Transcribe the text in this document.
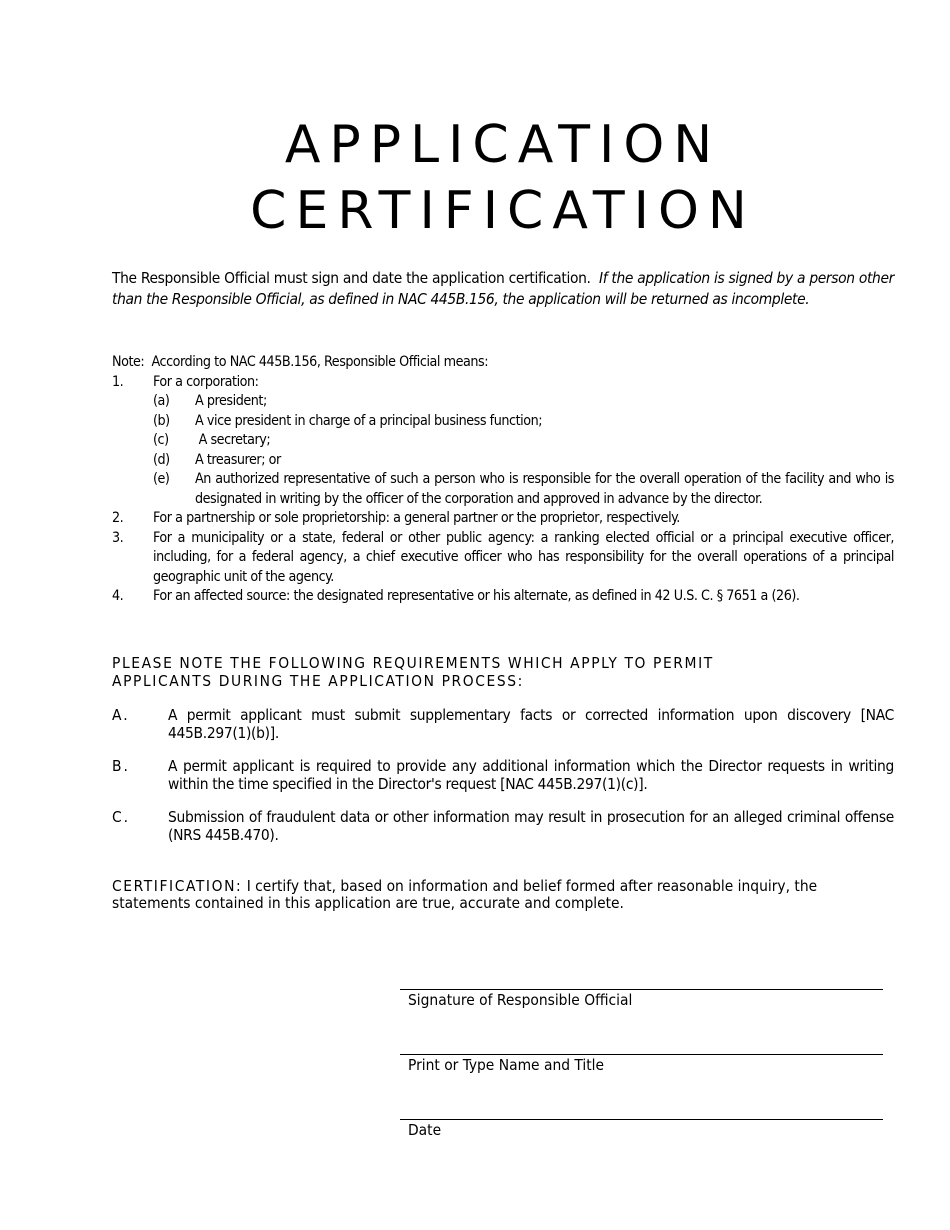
APPLICATION
CERTIFICATION
The Responsible Official must sign and date the application certification. If the application is signed by a person other than the Responsible Official, as defined in NAC 445B.156, the application will be returned as incomplete.
Note:  According to NAC 445B.156, Responsible Official means:
1.	For a corporation:
(a)	A president;
(b)	A vice president in charge of a principal business function;
(c)	A secretary;
(d)	A treasurer; or
(e)	An authorized representative of such a person who is responsible for the overall operation of the facility and who is designated in writing by the officer of the corporation and approved in advance by the director.
2.	For a partnership or sole proprietorship: a general partner or the proprietor, respectively.
3.	For a municipality or a state, federal or other public agency: a ranking elected official or a principal executive officer, including, for a federal agency, a chief executive officer who has responsibility for the overall operations of a principal geographic unit of the agency.
4.	For an affected source: the designated representative or his alternate, as defined in 42 U.S. C. § 7651 a (26).
PLEASE NOTE THE FOLLOWING REQUIREMENTS WHICH APPLY TO PERMIT
APPLICANTS DURING THE APPLICATION PROCESS:
A.	A permit applicant must submit supplementary facts or corrected information upon discovery [NAC 445B.297(1)(b)].
B.	A permit applicant is required to provide any additional information which the Director requests in writing within the time specified in the Director's request [NAC 445B.297(1)(c)].
C.	Submission of fraudulent data or other information may result in prosecution for an alleged criminal offense (NRS 445B.470).
CERTIFICATION: I certify that, based on information and belief formed after reasonable inquiry, the statements contained in this application are true, accurate and complete.
Signature of Responsible Official
Print or Type Name and Title
Date
